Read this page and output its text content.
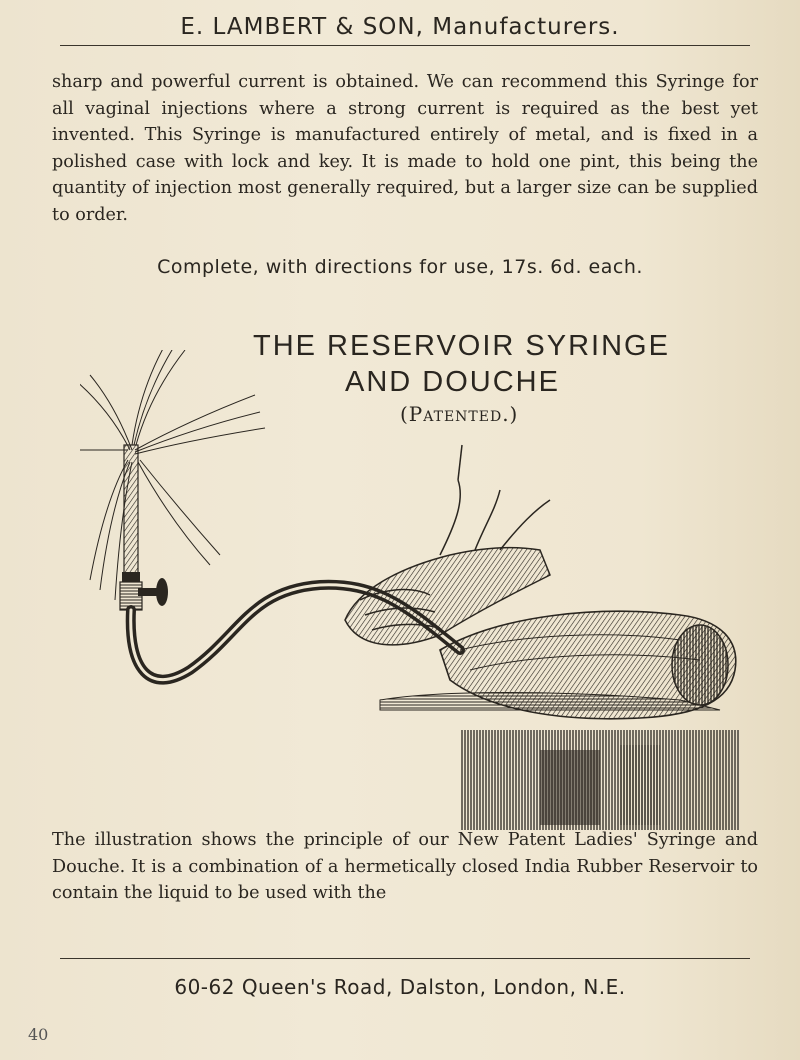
E. LAMBERT & SON, Manufacturers.

sharp and powerful current is obtained. We can recommend this Syringe for all vaginal injections where a strong current is required as the best yet invented. This Syringe is manufactured entirely of metal, and is fixed in a polished case with lock and key. It is made to hold one pint, this being the quantity of injection most generally required, but a larger size can be supplied to order.

Complete, with directions for use, 17s. 6d. each.
THE RESERVOIR SYRINGE
AND DOUCHE
(Patented.)

The illustration shows the principle of our New Patent Ladies' Syringe and Douche. It is a combination of a hermetically closed India Rubber Reservoir to contain the liquid to be used with the

60-62 Queen's Road, Dalston, London, N.E.
40
